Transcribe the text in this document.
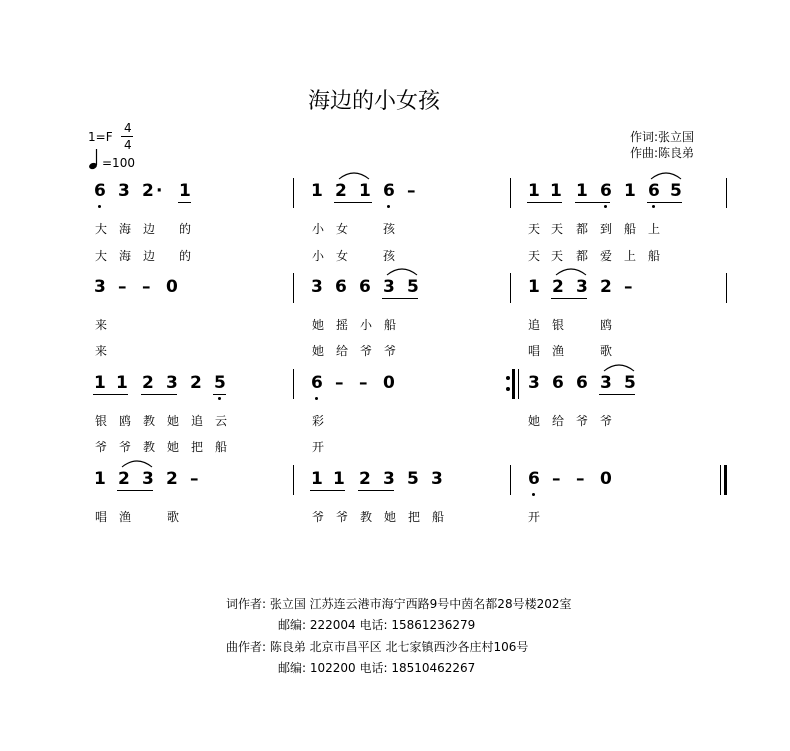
海边的小女孩
1=F
4
4
=100
作词:张立国
作曲:陈良弟
6 3 2 · 1	1 2 1 6 –	1 1 1 6 1 6 5
大 海 边 的	小 女	孩	天 天 都 到 船 上
大 海 边 的	小 女	孩	天 天 都 爱 上 船
3 – – 0	3 6 6 3 5	1 2 3 2 –
来	她 摇 小 船	追 银	鸥
来	她 给 爷 爷	唱 渔	歌
1 1 2 3 2 5	6 – – 0	3 6 6 3 5
银 鸥 教 她 追 云	彩	她 给 爷 爷
爷 爷 教 她 把 船	开
1 2 3 2 –	1 1 2 3 5 3	6 – – 0
唱 渔	歌	爷 爷 教 她 把 船	开
词作者: 张立国 江苏连云港市海宁西路9号中茵名都28号楼202室
邮编: 222004 电话: 15861236279
曲作者: 陈良弟 北京市昌平区 北七家镇西沙各庄村106号
邮编: 102200 电话: 18510462267
